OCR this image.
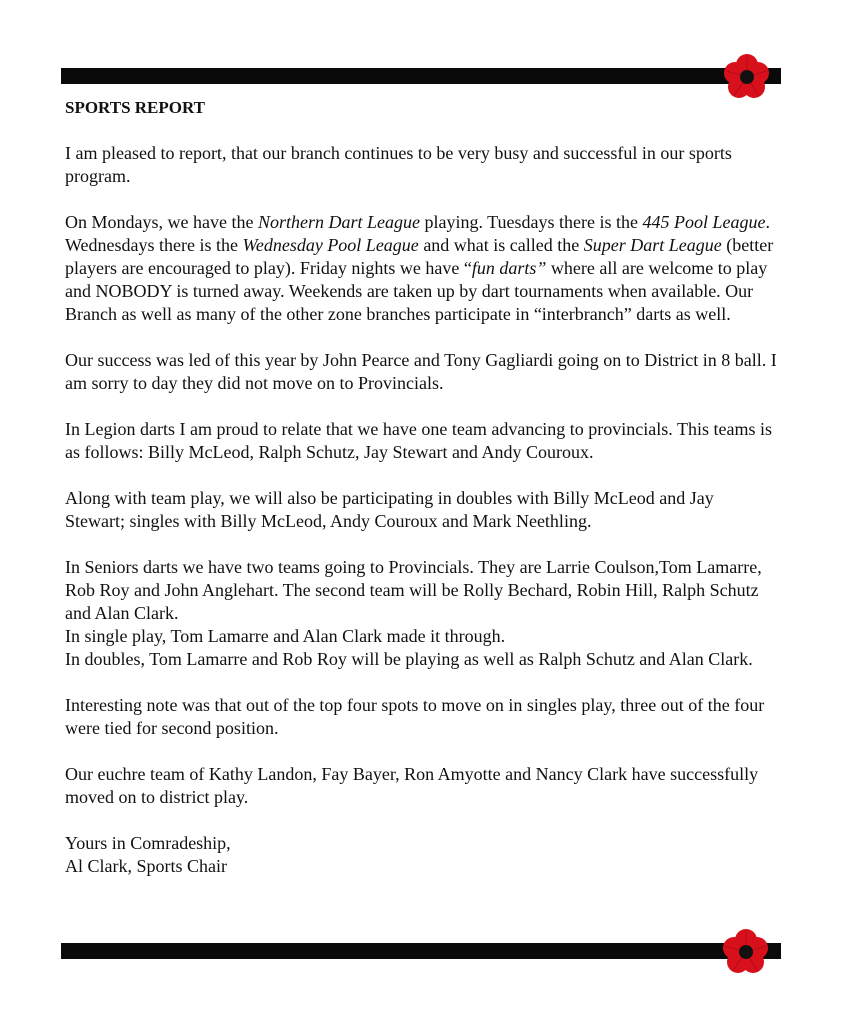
SPORTS REPORT

I am pleased to report, that our branch continues to be very busy and successful in our sports program.

On Mondays, we have the Northern Dart League playing. Tuesdays there is the 445 Pool League. Wednesdays there is the Wednesday Pool League and what is called the Super Dart League (better players are encouraged to play). Friday nights we have “fun darts” where all are welcome to play and NOBODY is turned away. Weekends are taken up by dart tournaments when available. Our Branch as well as many of the other zone branches participate in “interbranch” darts as well.

Our success was led of this year by John Pearce and Tony Gagliardi going on to District in 8 ball. I am sorry to day they did not move on to Provincials.

In Legion darts I am proud to relate that we have one team advancing to provincials. This teams is as follows: Billy McLeod, Ralph Schutz, Jay Stewart and Andy Couroux.

Along with team play, we will also be participating in doubles with Billy McLeod and Jay Stewart; singles with Billy McLeod, Andy Couroux and Mark Neethling.

In Seniors darts we have two teams going to Provincials. They are Larrie Coulson,Tom Lamarre, Rob Roy and John Anglehart. The second team will be Rolly Bechard, Robin Hill, Ralph Schutz and Alan Clark.

In single play, Tom Lamarre and Alan Clark made it through.

In doubles, Tom Lamarre and Rob Roy will be playing as well as Ralph Schutz and Alan Clark.

Interesting note was that out of the top four spots to move on in singles play, three out of the four were tied for second position.

Our euchre team of Kathy Landon, Fay Bayer, Ron Amyotte and Nancy Clark have successfully moved on to district play.

Yours in Comradeship,

Al Clark, Sports Chair
